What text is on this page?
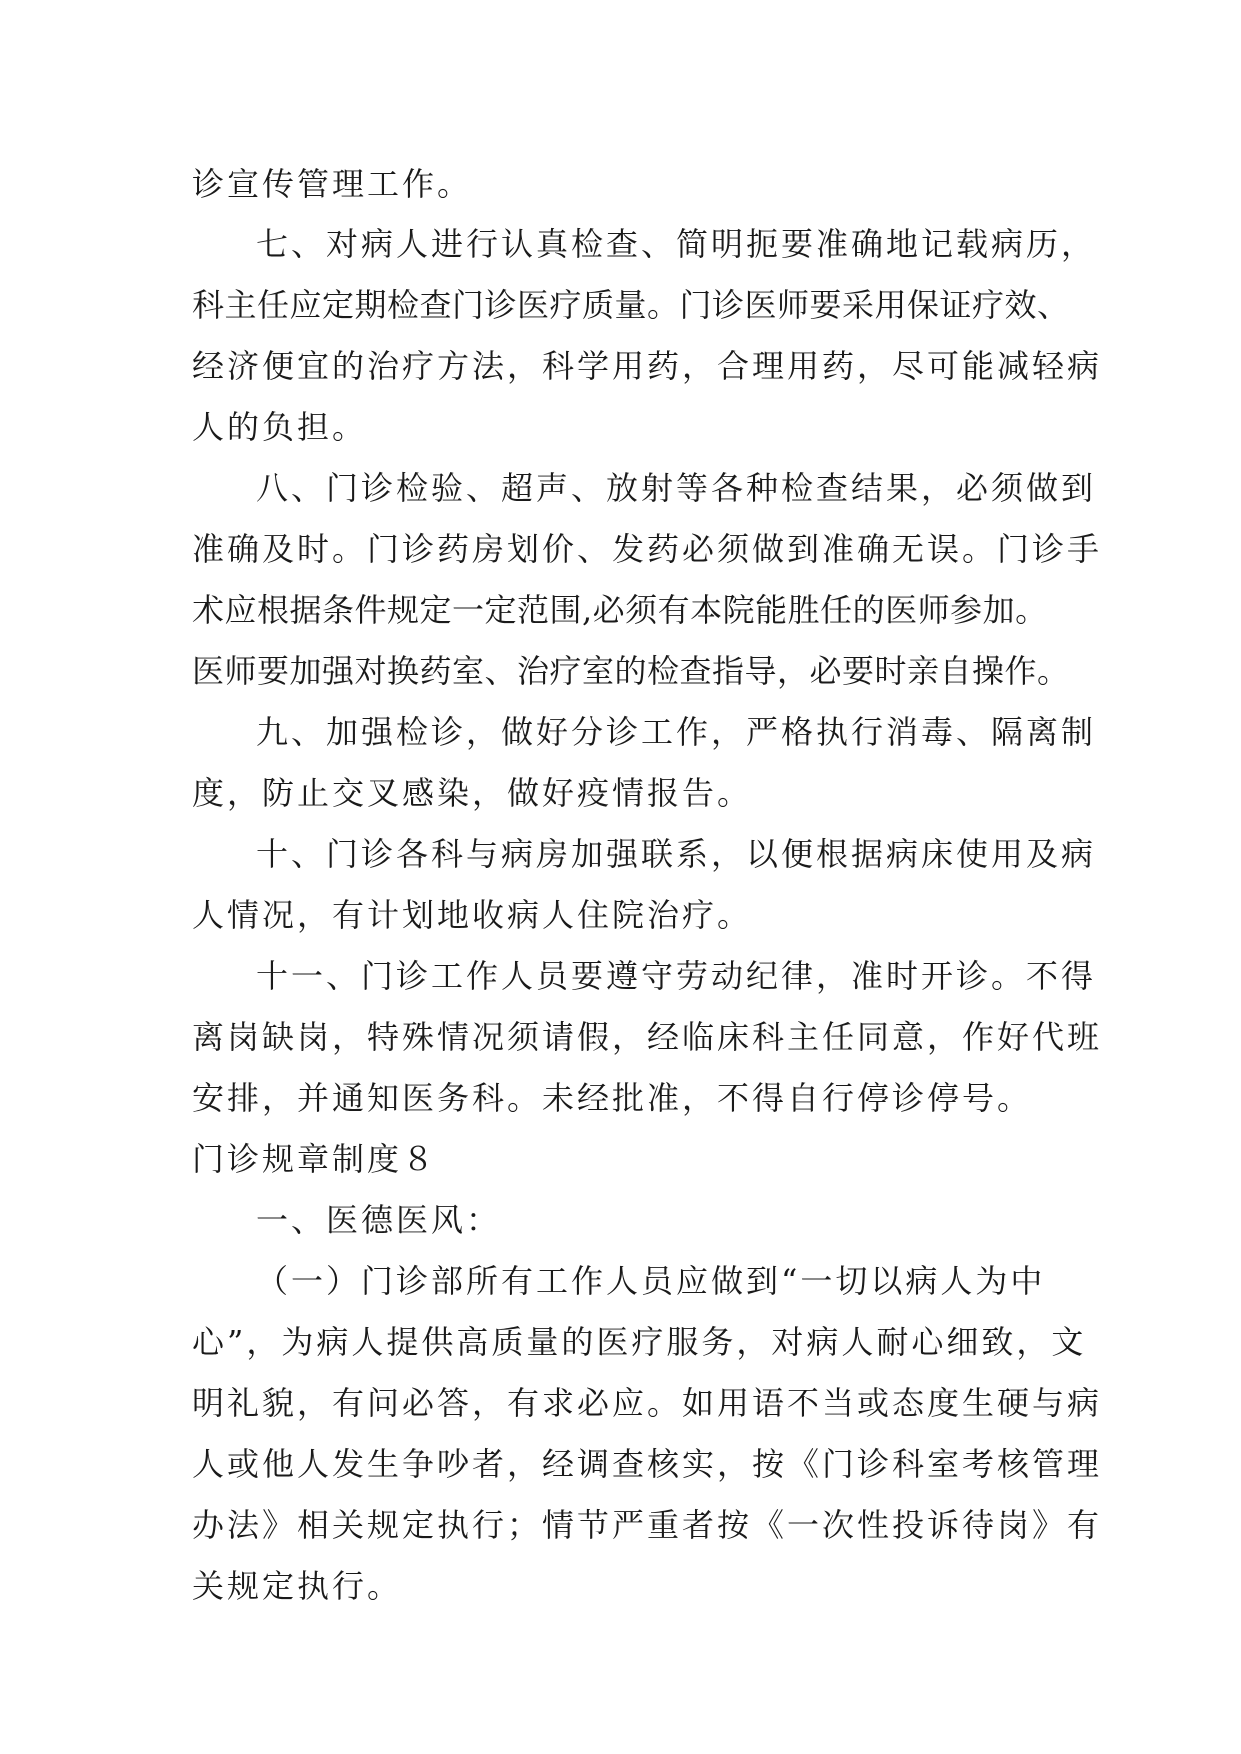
诊宣传管理工作。
七、对病人进行认真检查、简明扼要准确地记载病历，
科主任应定期检查门诊医疗质量。门诊医师要采用保证疗效、
经济便宜的治疗方法，科学用药，合理用药，尽可能减轻病
人的负担。
八、门诊检验、超声、放射等各种检查结果，必须做到
准确及时。门诊药房划价、发药必须做到准确无误。门诊手
术应根据条件规定一定范围,必须有本院能胜任的医师参加。
医师要加强对换药室、治疗室的检查指导，必要时亲自操作。
九、加强检诊，做好分诊工作，严格执行消毒、隔离制
度，防止交叉感染，做好疫情报告。
十、门诊各科与病房加强联系，以便根据病床使用及病
人情况，有计划地收病人住院治疗。
十一、门诊工作人员要遵守劳动纪律，准时开诊。不得
离岗缺岗，特殊情况须请假，经临床科主任同意，作好代班
安排，并通知医务科。未经批准，不得自行停诊停号。
门诊规章制度８
一、医德医风：
（一）门诊部所有工作人员应做到“一切以病人为中
心”，为病人提供高质量的医疗服务，对病人耐心细致，文
明礼貌，有问必答，有求必应。如用语不当或态度生硬与病
人或他人发生争吵者，经调查核实，按《门诊科室考核管理
办法》相关规定执行；情节严重者按《一次性投诉待岗》有
关规定执行。
